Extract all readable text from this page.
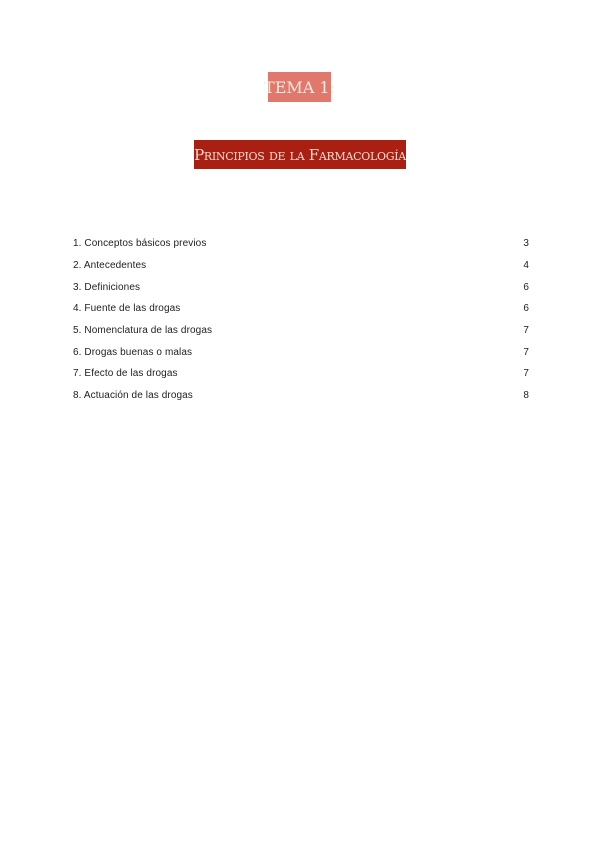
TEMA 1:
Principios de la Farmacología
1. Conceptos básicos previos	3
2. Antecedentes	4
3. Definiciones	6
4. Fuente de las drogas	6
5. Nomenclatura de las drogas	7
6. Drogas buenas o malas	7
7. Efecto de las drogas	7
8. Actuación de las drogas	8
